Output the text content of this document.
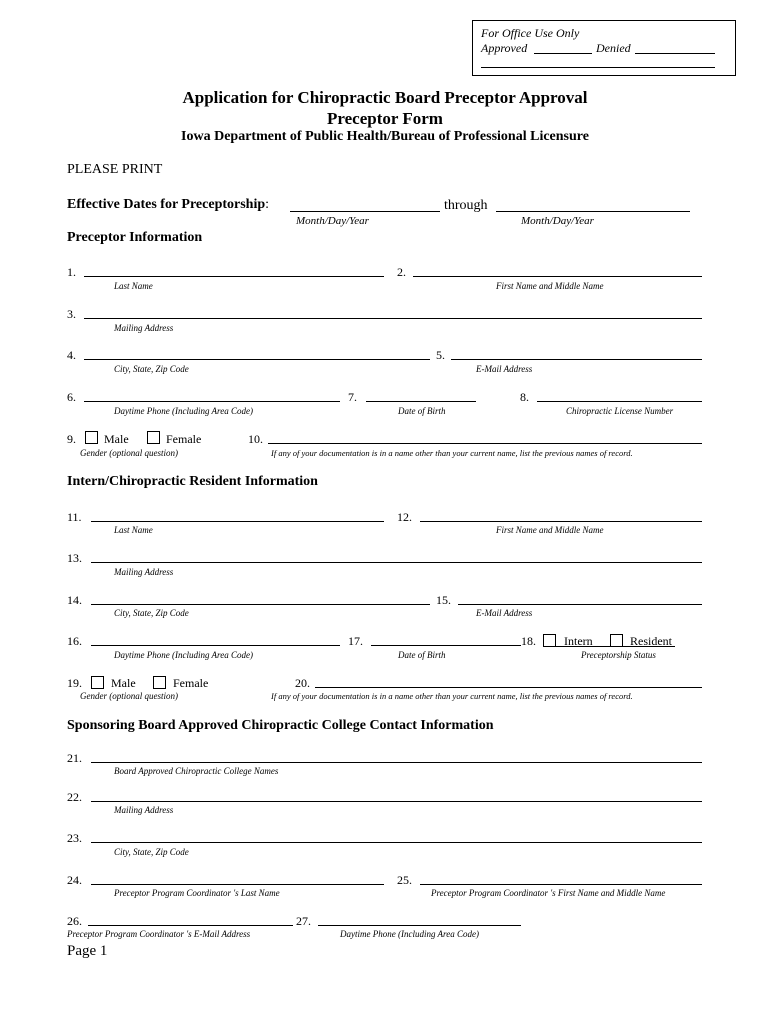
For Office Use Only
Approved	Denied
Application for Chiropractic Board Preceptor Approval
Preceptor Form
Iowa Department of Public Health/Bureau of Professional Licensure
PLEASE PRINT
Effective Dates for Preceptorship:	through
Month/Day/Year	Month/Day/Year
Preceptor Information
1.
Last Name
2.
First Name and Middle Name
3.
Mailing Address
4.
City, State, Zip Code
5.
E-Mail Address
6.
Daytime Phone (Including Area Code)
7.
Date of Birth
8.
Chiropractic License Number
9. Male	Female
Gender (optional question)
10.
If any of your documentation is in a name other than your current name, list the previous names of record.
Intern/Chiropractic Resident Information
11.
Last Name
12.
First Name and Middle Name
13.
Mailing Address
14.
City, State, Zip Code
15.
E-Mail Address
16.
Daytime Phone (Including Area Code)
17.
Date of Birth
18. Intern	Resident
Preceptorship Status
19. Male	Female
Gender (optional question)
20.
If any of your documentation is in a name other than your current name, list the previous names of record.
Sponsoring Board Approved Chiropractic College Contact Information
21.
Board Approved Chiropractic College Names
22.
Mailing Address
23.
City, State, Zip Code
24.
Preceptor Program Coordinator 's Last Name
25.
Preceptor Program Coordinator 's First Name and Middle Name
26.
Preceptor Program Coordinator 's E-Mail Address
27.
Daytime Phone (Including Area Code)
Page 1
